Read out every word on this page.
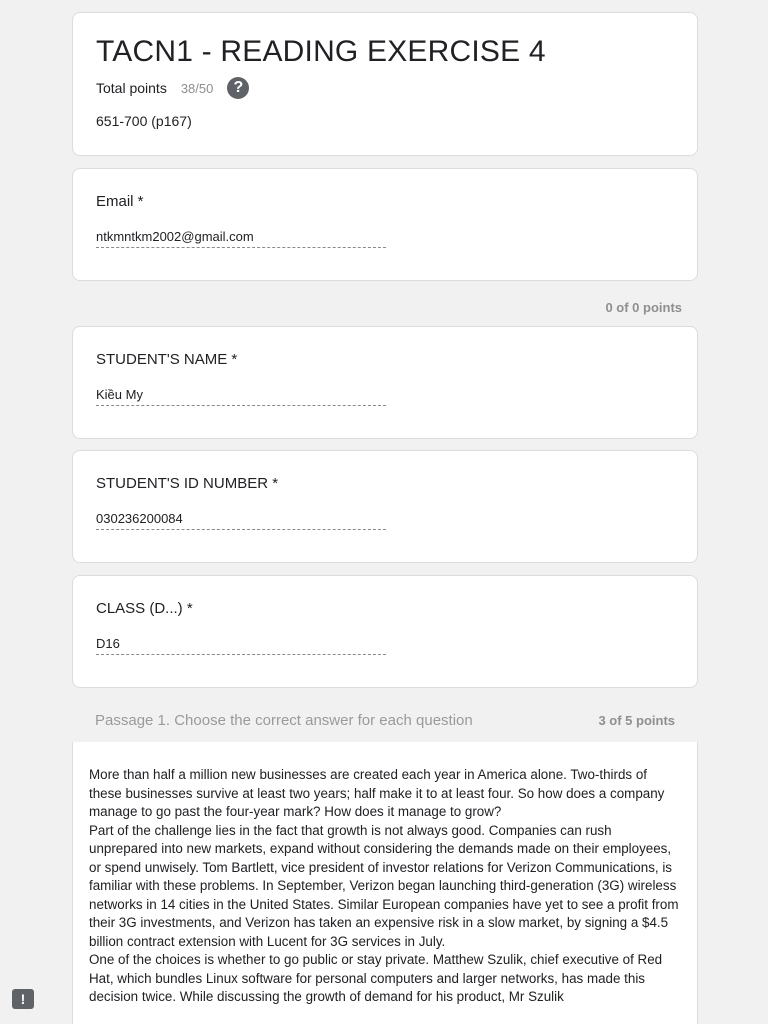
TACN1 - READING EXERCISE 4
Total points 38/50	?
651-700 (p167)
Email *
ntkmntkm2002@gmail.com
0 of 0 points
STUDENT'S NAME *
Kiều My
STUDENT'S ID NUMBER *
030236200084
CLASS (D...) *
D16
Passage 1. Choose the correct answer for each question	3 of 5 points

More than half a million new businesses are created each year in America alone. Two-thirds of these businesses survive at least two years; half make it to at least four. So how does a company manage to go past the four-year mark? How does it manage to grow?

Part of the challenge lies in the fact that growth is not always good. Companies can rush unprepared into new markets, expand without considering the demands made on their employees, or spend unwisely. Tom Bartlett, vice president of investor relations for Verizon Communications, is familiar with these problems. In September, Verizon began launching third-generation (3G) wireless networks in 14 cities in the United States. Similar European companies have yet to see a profit from their 3G investments, and Verizon has taken an expensive risk in a slow market, by signing a $4.5 billion contract extension with Lucent for 3G services in July.

One of the choices is whether to go public or stay private. Matthew Szulik, chief executive of Red Hat, which bundles Linux software for personal computers and larger networks, has made this decision twice. While discussing the growth of demand for his product, Mr Szulik

!
